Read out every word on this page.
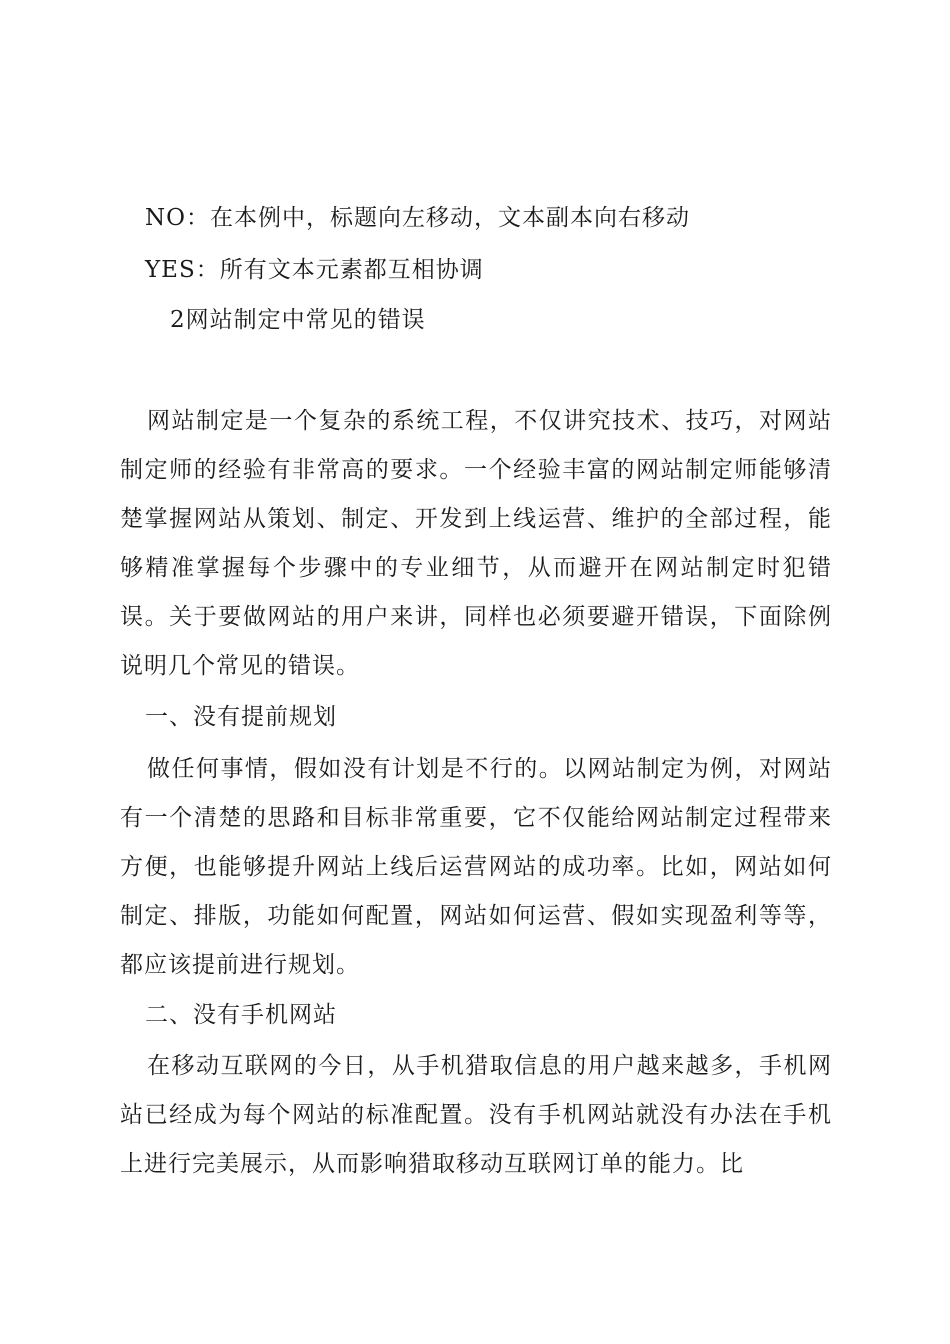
NO：在本例中，标题向左移动，文本副本向右移动
YES：所有文本元素都互相协调
2网站制定中常见的错误
网站制定是一个复杂的系统工程，不仅讲究技术、技巧，对网站制定师的经验有非常高的要求。一个经验丰富的网站制定师能够清楚掌握网站从策划、制定、开发到上线运营、维护的全部过程，能够精准掌握每个步骤中的专业细节，从而避开在网站制定时犯错误。关于要做网站的用户来讲，同样也必须要避开错误，下面除例说明几个常见的错误。
一、没有提前规划
做任何事情，假如没有计划是不行的。以网站制定为例，对网站有一个清楚的思路和目标非常重要，它不仅能给网站制定过程带来方便，也能够提升网站上线后运营网站的成功率。比如，网站如何制定、排版，功能如何配置，网站如何运营、假如实现盈利等等，都应该提前进行规划。
二、没有手机网站
在移动互联网的今日，从手机猎取信息的用户越来越多，手机网站已经成为每个网站的标准配置。没有手机网站就没有办法在手机上进行完美展示，从而影响猎取移动互联网订单的能力。比
